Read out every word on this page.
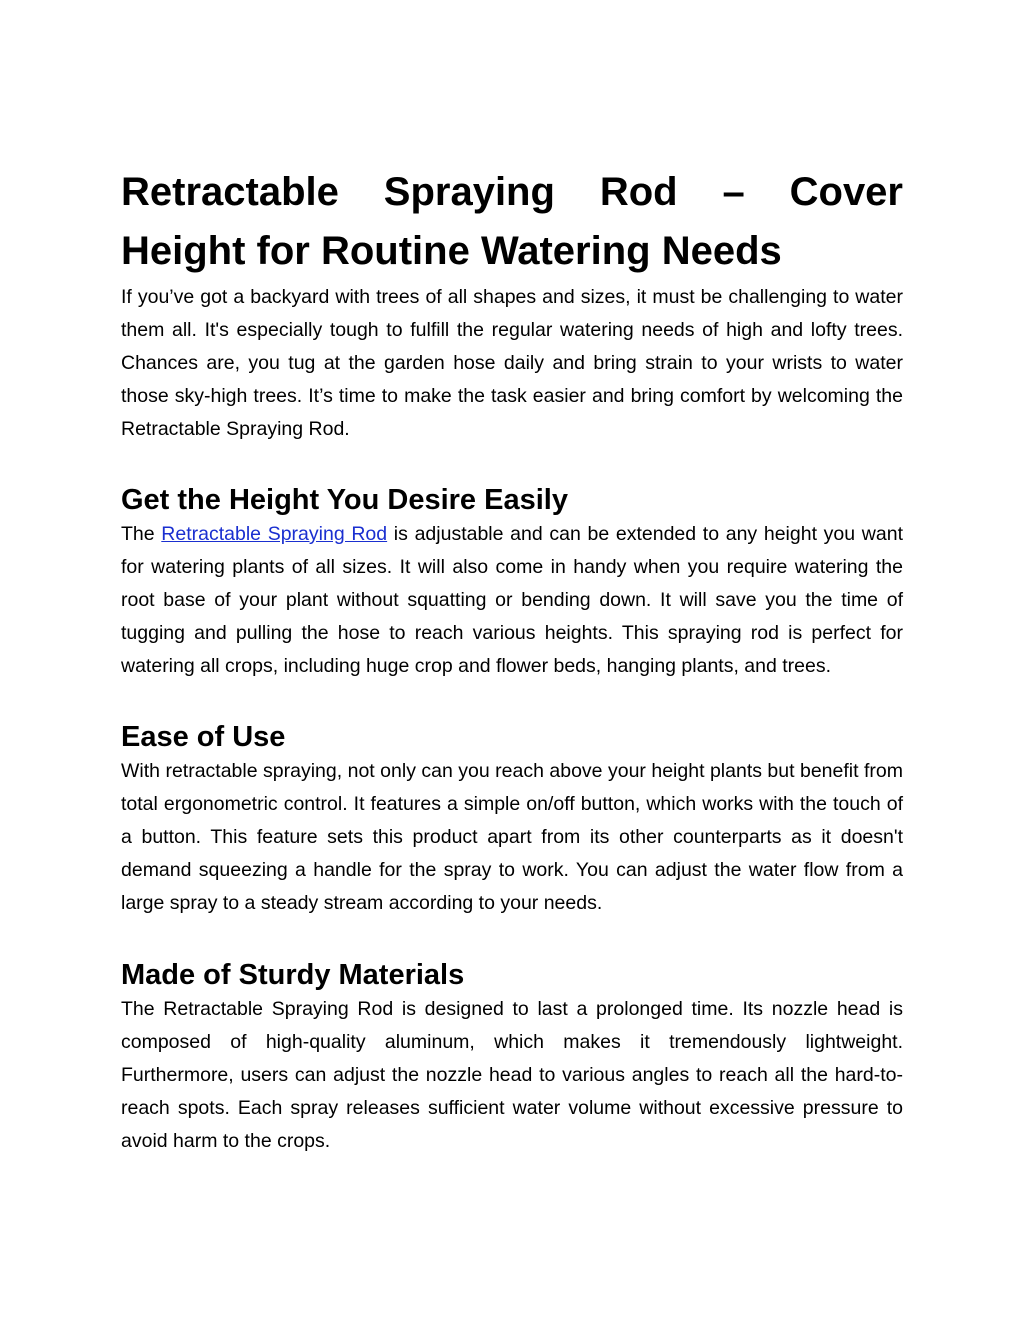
Retractable Spraying Rod – Cover
Height for Routine Watering Needs

If you’ve got a backyard with trees of all shapes and sizes, it must be challenging to water them all. It's especially tough to fulfill the regular watering needs of high and lofty trees. Chances are, you tug at the garden hose daily and bring strain to your wrists to water those sky-high trees. It’s time to make the task easier and bring comfort by welcoming the Retractable Spraying Rod.

Get the Height You Desire Easily

The Retractable Spraying Rod is adjustable and can be extended to any height you want for watering plants of all sizes. It will also come in handy when you require watering the root base of your plant without squatting or bending down. It will save you the time of tugging and pulling the hose to reach various heights. This spraying rod is perfect for watering all crops, including huge crop and flower beds, hanging plants, and trees.

Ease of Use

With retractable spraying, not only can you reach above your height plants but benefit from total ergonometric control. It features a simple on/off button, which works with the touch of a button. This feature sets this product apart from its other counterparts as it doesn't demand squeezing a handle for the spray to work. You can adjust the water flow from a large spray to a steady stream according to your needs.

Made of Sturdy Materials

The Retractable Spraying Rod is designed to last a prolonged time. Its nozzle head is composed of high-quality aluminum, which makes it tremendously lightweight. Furthermore, users can adjust the nozzle head to various angles to reach all the hard-to-reach spots. Each spray releases sufficient water volume without excessive pressure to avoid harm to the crops.
